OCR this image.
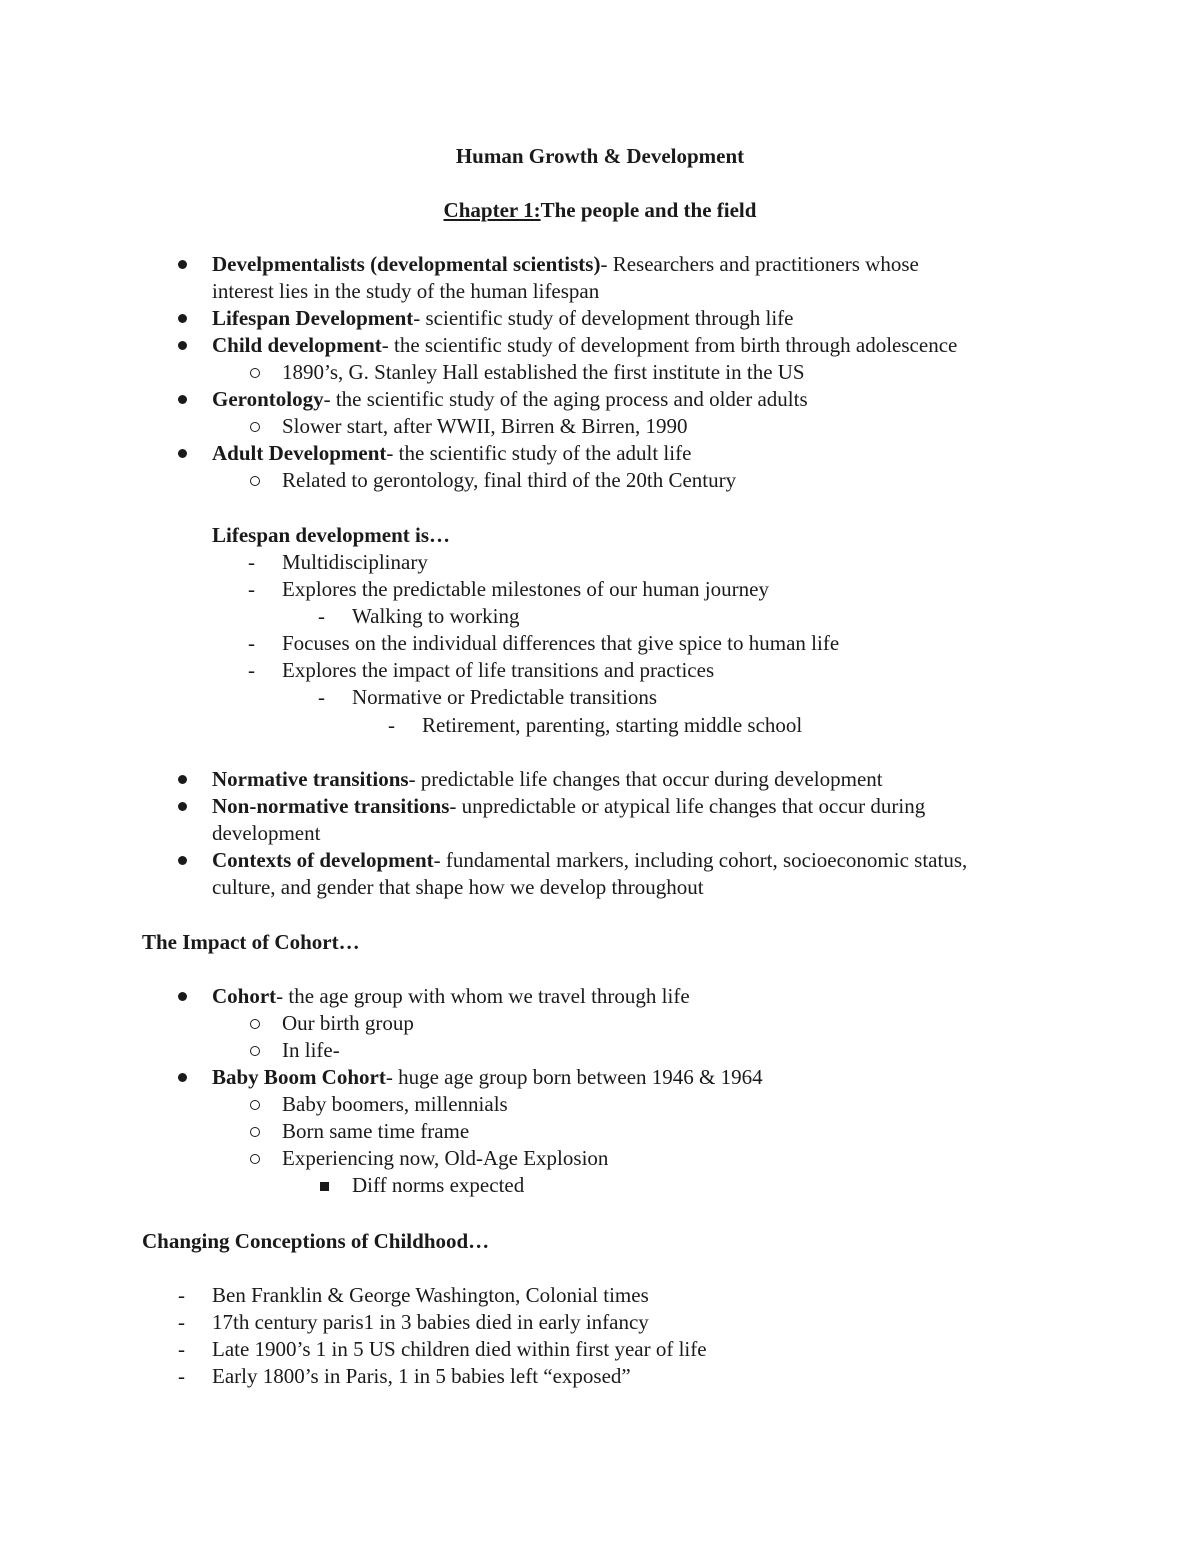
Human Growth & Development
Chapter 1:The people and the field
Develpmentalists (developmental scientists)- Researchers and practitioners whose
interest lies in the study of the human lifespan
Lifespan Development- scientific study of development through life
Child development- the scientific study of development from birth through adolescence
1890’s, G. Stanley Hall established the first institute in the US
Gerontology- the scientific study of the aging process and older adults
Slower start, after WWII, Birren & Birren, 1990
Adult Development- the scientific study of the adult life
Related to gerontology, final third of the 20th Century
Lifespan development is…
- Multidisciplinary
- Explores the predictable milestones of our human journey
- Walking to working
- Focuses on the individual differences that give spice to human life
- Explores the impact of life transitions and practices
- Normative or Predictable transitions
- Retirement, parenting, starting middle school
Normative transitions- predictable life changes that occur during development
Non-normative transitions- unpredictable or atypical life changes that occur during
development
Contexts of development- fundamental markers, including cohort, socioeconomic status,
culture, and gender that shape how we develop throughout
The Impact of Cohort…
Cohort- the age group with whom we travel through life
Our birth group
In life-
Baby Boom Cohort- huge age group born between 1946 & 1964
Baby boomers, millennials
Born same time frame
Experiencing now, Old-Age Explosion
Diff norms expected
Changing Conceptions of Childhood…
- Ben Franklin & George Washington, Colonial times
- 17th century paris1 in 3 babies died in early infancy
- Late 1900’s 1 in 5 US children died within first year of life
- Early 1800’s in Paris, 1 in 5 babies left “exposed”
